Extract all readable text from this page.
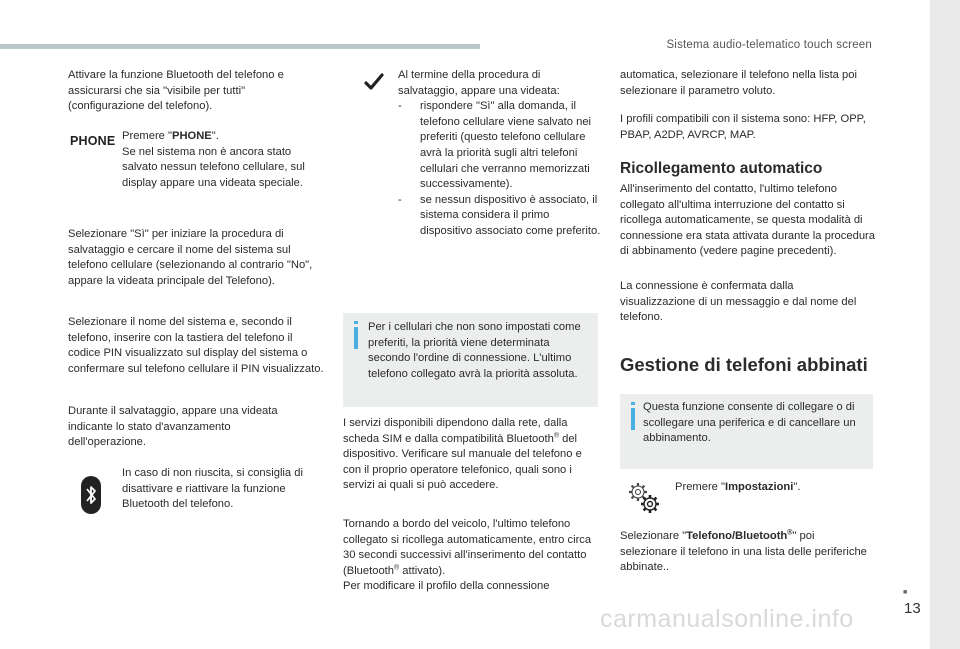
Sistema audio-telematico touch screen

Attivare la funzione Bluetooth del telefono e assicurarsi che sia "visibile per tutti" (configurazione del telefono).

PHONE Premere "PHONE".
Se nel sistema non è ancora stato salvato nessun telefono cellulare, sul display appare una videata speciale.

Selezionare "Sì" per iniziare la procedura di salvataggio e cercare il nome del sistema sul telefono cellulare (selezionando al contrario "No", appare la videata principale del Telefono).

Selezionare il nome del sistema e, secondo il telefono, inserire con la tastiera del telefono il codice PIN visualizzato sul display del sistema o confermare sul telefono cellulare il PIN visualizzato.

Durante il salvataggio, appare una videata indicante lo stato d'avanzamento dell'operazione.

In caso di non riuscita, si consiglia di disattivare e riattivare la funzione Bluetooth del telefono.

Al termine della procedura di salvataggio, appare una videata:

- rispondere "Sì" alla domanda, il telefono cellulare viene salvato nei preferiti (questo telefono cellulare avrà la priorità sugli altri telefoni cellulari che verranno memorizzati successivamente).
- se nessun dispositivo è associato, il sistema considera il primo dispositivo associato come preferito.

Per i cellulari che non sono impostati come preferiti, la priorità viene determinata secondo l'ordine di connessione. L'ultimo telefono collegato avrà la priorità assoluta.

I servizi disponibili dipendono dalla rete, dalla scheda SIM e dalla compatibilità Bluetooth® del dispositivo. Verificare sul manuale del telefono e con il proprio operatore telefonico, quali sono i servizi ai quali si può accedere.

Tornando a bordo del veicolo, l'ultimo telefono collegato si ricollega automaticamente, entro circa 30 secondi successivi all'inserimento del contatto (Bluetooth® attivato).
Per modificare il profilo della connessione

automatica, selezionare il telefono nella lista poi selezionare il parametro voluto.

I profili compatibili con il sistema sono: HFP, OPP, PBAP, A2DP, AVRCP, MAP.

Ricollegamento automatico

All'inserimento del contatto, l'ultimo telefono collegato all'ultima interruzione del contatto si ricollega automaticamente, se questa modalità di connessione era stata attivata durante la procedura di abbinamento (vedere pagine precedenti).

La connessione è confermata dalla visualizzazione di un messaggio e dal nome del telefono.

Gestione di telefoni abbinati

Questa funzione consente di collegare o di scollegare una periferica e di cancellare un abbinamento.

Premere "Impostazioni".

Selezionare "Telefono/Bluetooth®" poi selezionare il telefono in una lista delle periferiche abbinate..

■
13
carmanualsonline.info
